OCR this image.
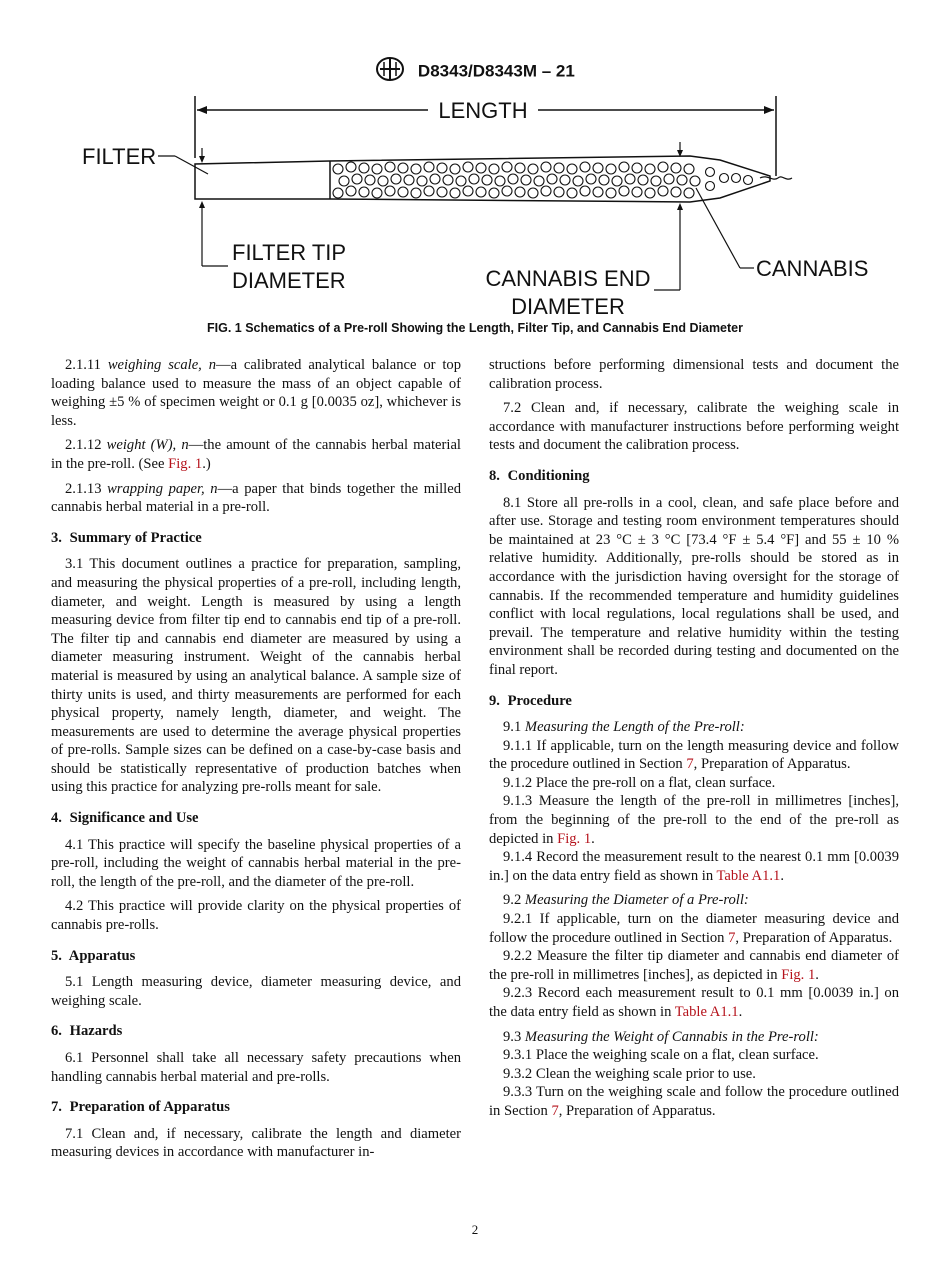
D8343/D8343M – 21
LENGTH
FILTER
FILTER TIP
DIAMETER	CANNABIS END
DIAMETER
CANNABIS
FIG. 1 Schematics of a Pre-roll Showing the Length, Filter Tip, and Cannabis End Diameter

2.1.11 weighing scale, n—a calibrated analytical balance or top loading balance used to measure the mass of an object capable of weighing ±5 % of specimen weight or 0.1 g [0.0035 oz], whichever is less.

2.1.12 weight (W), n—the amount of the cannabis herbal material in the pre-roll. (See Fig. 1.)

2.1.13 wrapping paper, n—a paper that binds together the milled cannabis herbal material in a pre-roll.

3. Summary of Practice

3.1 This document outlines a practice for preparation, sampling, and measuring the physical properties of a pre-roll, including length, diameter, and weight. Length is measured by using a length measuring device from filter tip end to cannabis end tip of a pre-roll. The filter tip and cannabis end diameter are measured by using a diameter measuring instrument. Weight of the cannabis herbal material is measured by using an analytical balance. A sample size of thirty units is used, and thirty measurements are performed for each physical property, namely length, diameter, and weight. The measurements are used to determine the average physical properties of pre-rolls. Sample sizes can be defined on a case-by-case basis and should be statistically representative of production batches when using this practice for analyzing pre-rolls meant for sale.

4. Significance and Use

4.1 This practice will specify the baseline physical properties of a pre-roll, including the weight of cannabis herbal material in the pre-roll, the length of the pre-roll, and the diameter of the pre-roll.

4.2 This practice will provide clarity on the physical properties of cannabis pre-rolls.

5. Apparatus

5.1 Length measuring device, diameter measuring device, and weighing scale.

6. Hazards

6.1 Personnel shall take all necessary safety precautions when handling cannabis herbal material and pre-rolls.

7. Preparation of Apparatus

7.1 Clean and, if necessary, calibrate the length and diameter measuring devices in accordance with manufacturer in-

structions before performing dimensional tests and document the calibration process.

7.2 Clean and, if necessary, calibrate the weighing scale in accordance with manufacturer instructions before performing weight tests and document the calibration process.

8. Conditioning

8.1 Store all pre-rolls in a cool, clean, and safe place before and after use. Storage and testing room environment temperatures should be maintained at 23 °C ± 3 °C [73.4 °F ± 5.4 °F] and 55 ± 10 % relative humidity. Additionally, pre-rolls should be stored as in accordance with the jurisdiction having oversight for the storage of cannabis. If the recommended temperature and humidity guidelines conflict with local regulations, local regulations shall be used, and prevail. The temperature and relative humidity within the testing environment shall be recorded during testing and documented on the final report.

9. Procedure

9.1 Measuring the Length of the Pre-roll:

9.1.1 If applicable, turn on the length measuring device and follow the procedure outlined in Section 7, Preparation of Apparatus.

9.1.2 Place the pre-roll on a flat, clean surface.

9.1.3 Measure the length of the pre-roll in millimetres [inches], from the beginning of the pre-roll to the end of the pre-roll as depicted in Fig. 1.

9.1.4 Record the measurement result to the nearest 0.1 mm [0.0039 in.] on the data entry field as shown in Table A1.1.

9.2 Measuring the Diameter of a Pre-roll:

9.2.1 If applicable, turn on the diameter measuring device and follow the procedure outlined in Section 7, Preparation of Apparatus.

9.2.2 Measure the filter tip diameter and cannabis end diameter of the pre-roll in millimetres [inches], as depicted in Fig. 1.

9.2.3 Record each measurement result to 0.1 mm [0.0039 in.] on the data entry field as shown in Table A1.1.

9.3 Measuring the Weight of Cannabis in the Pre-roll:

9.3.1 Place the weighing scale on a flat, clean surface.

9.3.2 Clean the weighing scale prior to use.

9.3.3 Turn on the weighing scale and follow the procedure outlined in Section 7, Preparation of Apparatus.

2
